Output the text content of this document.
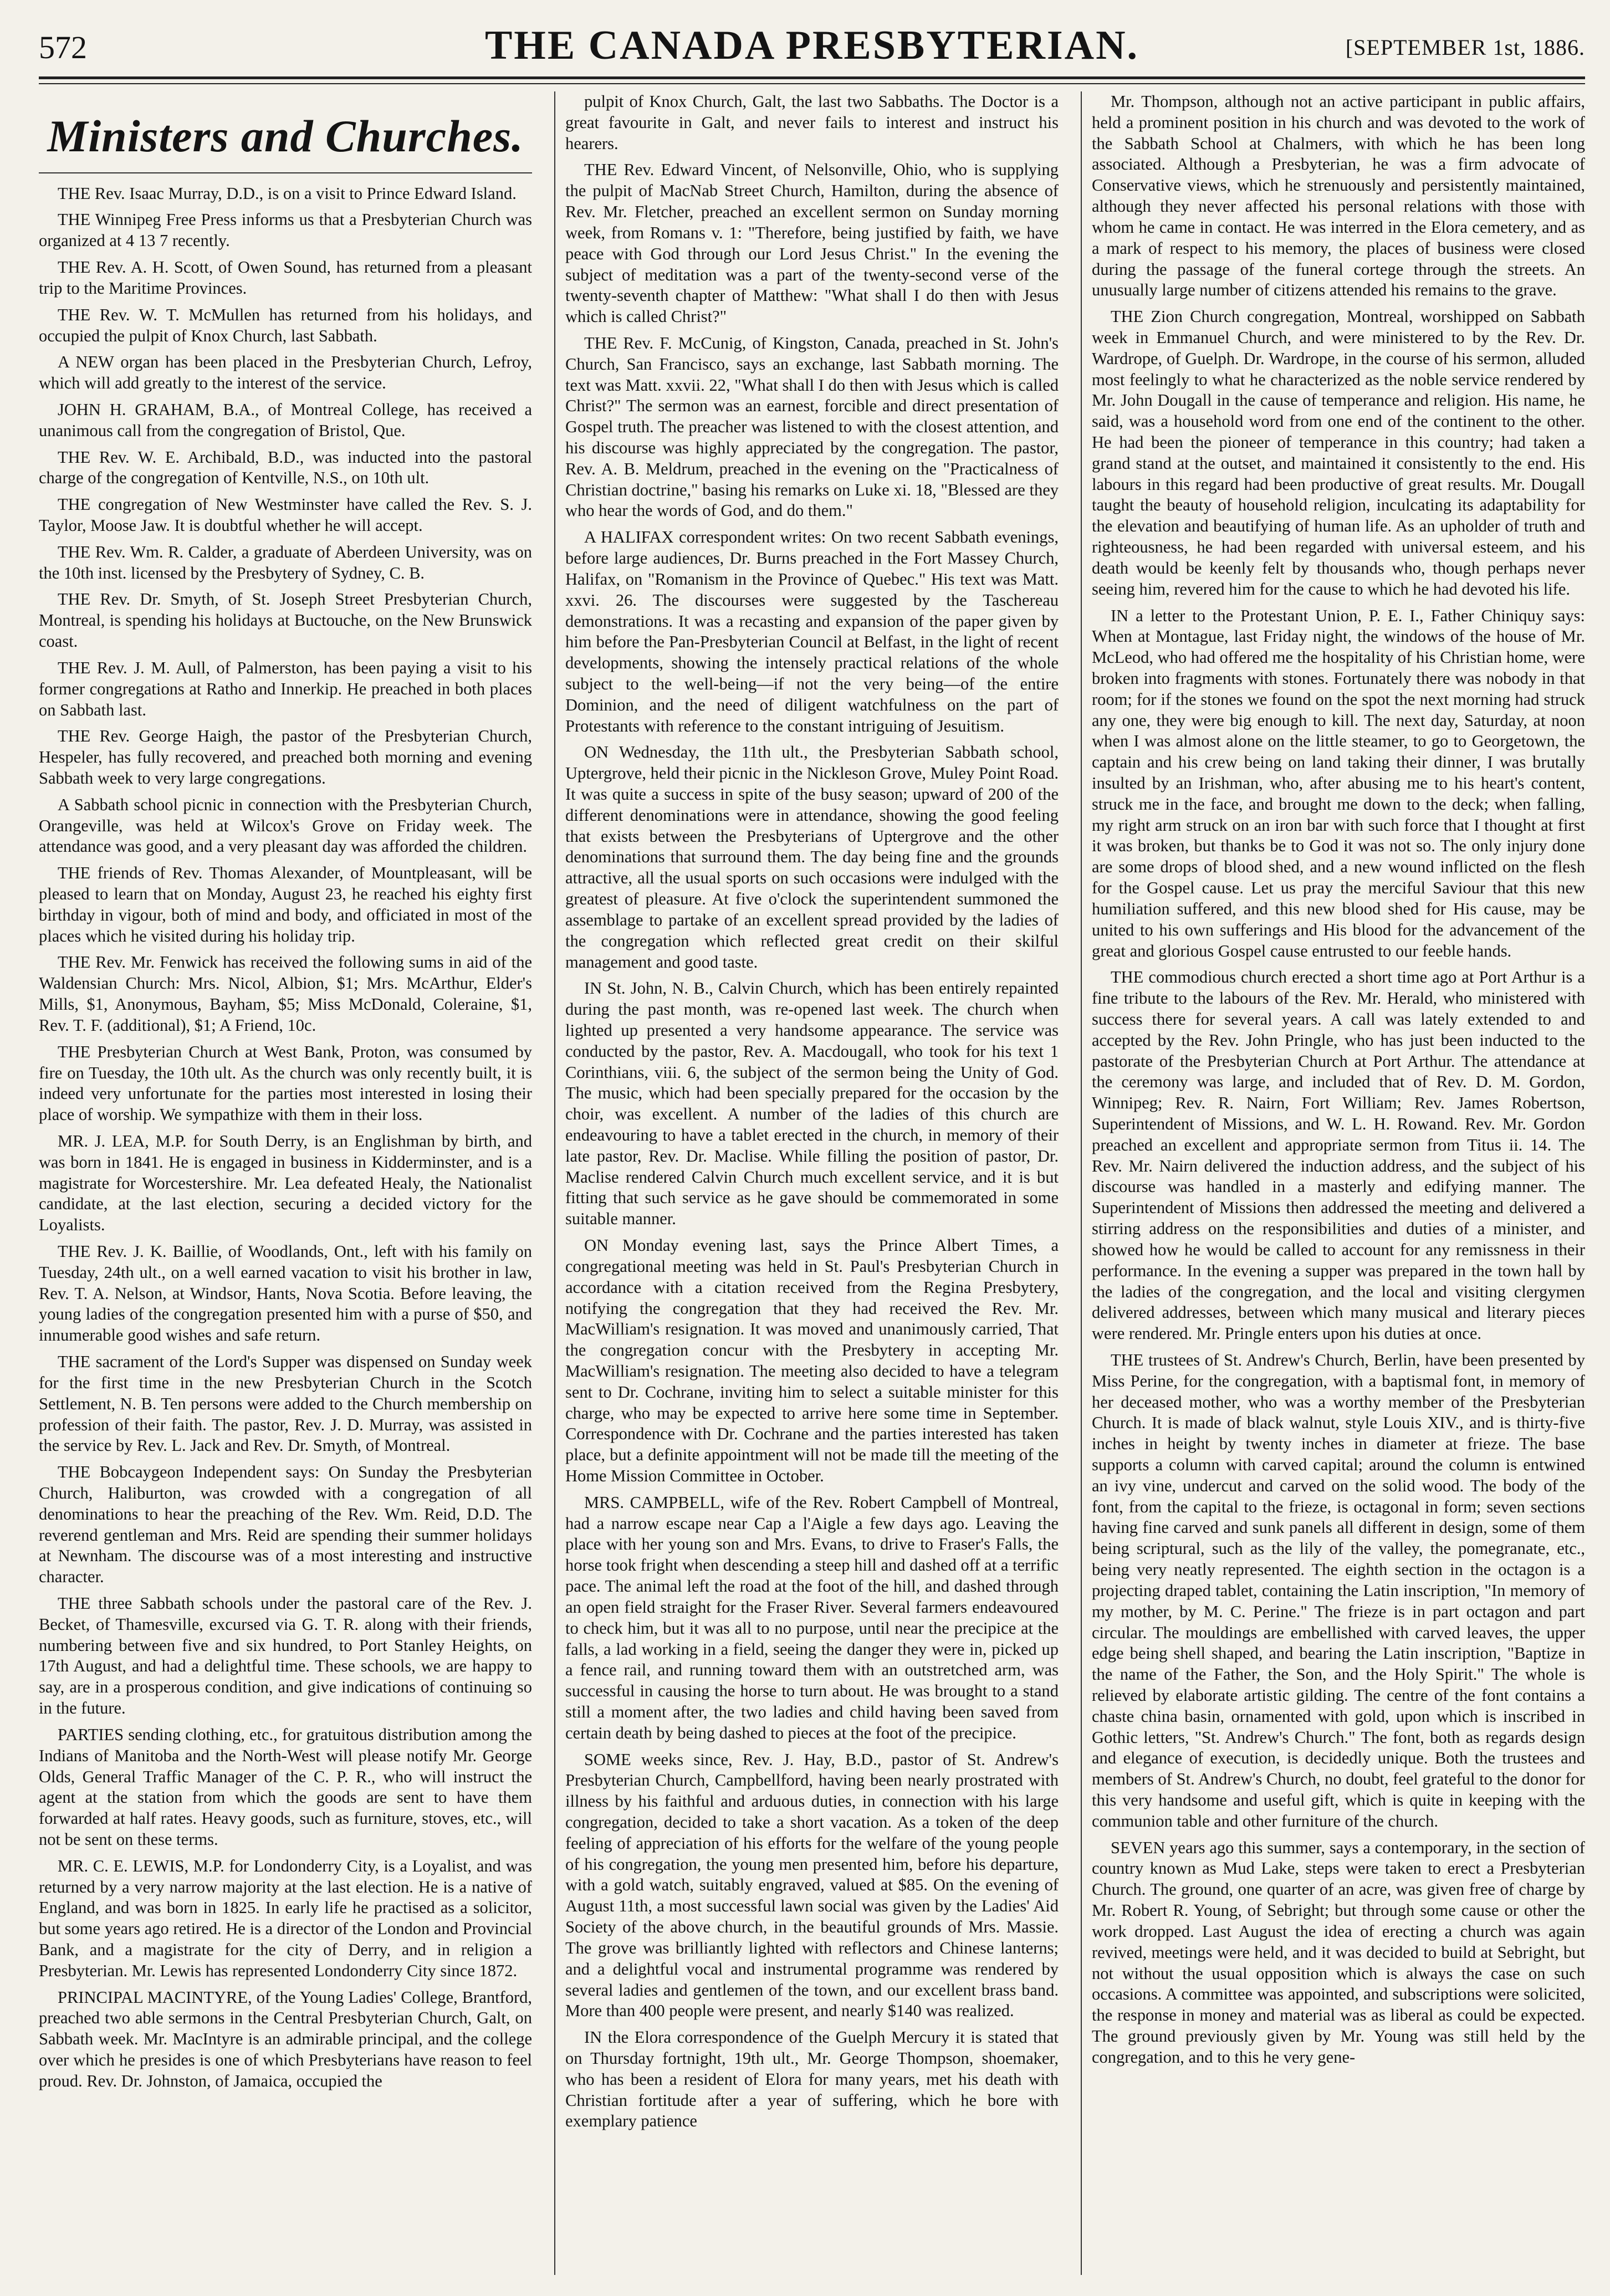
572	THE CANADA PRESBYTERIAN.	[SEPTEMBER 1st, 1886.
Ministers and Churches.

THE Rev. Isaac Murray, D.D., is on a visit to Prince Edward Island.

THE Winnipeg Free Press informs us that a Presbyterian Church was organized at 4 13 7 recently.

THE Rev. A. H. Scott, of Owen Sound, has returned from a pleasant trip to the Maritime Provinces.

THE Rev. W. T. McMullen has returned from his holidays, and occupied the pulpit of Knox Church, last Sabbath.

A NEW organ has been placed in the Presbyterian Church, Lefroy, which will add greatly to the interest of the service.

JOHN H. GRAHAM, B.A., of Montreal College, has received a unanimous call from the congregation of Bristol, Que.

THE Rev. W. E. Archibald, B.D., was inducted into the pastoral charge of the congregation of Kentville, N.S., on 10th ult.

THE congregation of New Westminster have called the Rev. S. J. Taylor, Moose Jaw. It is doubtful whether he will accept.

THE Rev. Wm. R. Calder, a graduate of Aberdeen University, was on the 10th inst. licensed by the Presbytery of Sydney, C. B.

THE Rev. Dr. Smyth, of St. Joseph Street Presbyterian Church, Montreal, is spending his holidays at Buctouche, on the New Brunswick coast.

THE Rev. J. M. Aull, of Palmerston, has been paying a visit to his former congregations at Ratho and Innerkip. He preached in both places on Sabbath last.

THE Rev. George Haigh, the pastor of the Presbyterian Church, Hespeler, has fully recovered, and preached both morning and evening Sabbath week to very large congregations.

A Sabbath school picnic in connection with the Presbyterian Church, Orangeville, was held at Wilcox's Grove on Friday week. The attendance was good, and a very pleasant day was afforded the children.

THE friends of Rev. Thomas Alexander, of Mountpleasant, will be pleased to learn that on Monday, August 23, he reached his eighty first birthday in vigour, both of mind and body, and officiated in most of the places which he visited during his holiday trip.

THE Rev. Mr. Fenwick has received the following sums in aid of the Waldensian Church: Mrs. Nicol, Albion, $1; Mrs. McArthur, Elder's Mills, $1, Anonymous, Bayham, $5; Miss McDonald, Coleraine, $1, Rev. T. F. (additional), $1; A Friend, 10c.

THE Presbyterian Church at West Bank, Proton, was consumed by fire on Tuesday, the 10th ult. As the church was only recently built, it is indeed very unfortunate for the parties most interested in losing their place of worship. We sympathize with them in their loss.

MR. J. LEA, M.P. for South Derry, is an Englishman by birth, and was born in 1841. He is engaged in business in Kidderminster, and is a magistrate for Worcestershire. Mr. Lea defeated Healy, the Nationalist candidate, at the last election, securing a decided victory for the Loyalists.

THE Rev. J. K. Baillie, of Woodlands, Ont., left with his family on Tuesday, 24th ult., on a well earned vacation to visit his brother in law, Rev. T. A. Nelson, at Windsor, Hants, Nova Scotia. Before leaving, the young ladies of the congregation presented him with a purse of $50, and innumerable good wishes and safe return.

THE sacrament of the Lord's Supper was dispensed on Sunday week for the first time in the new Presbyterian Church in the Scotch Settlement, N. B. Ten persons were added to the Church membership on profession of their faith. The pastor, Rev. J. D. Murray, was assisted in the service by Rev. L. Jack and Rev. Dr. Smyth, of Montreal.

THE Bobcaygeon Independent says: On Sunday the Presbyterian Church, Haliburton, was crowded with a congregation of all denominations to hear the preaching of the Rev. Wm. Reid, D.D. The reverend gentleman and Mrs. Reid are spending their summer holidays at Newnham. The discourse was of a most interesting and instructive character.

THE three Sabbath schools under the pastoral care of the Rev. J. Becket, of Thamesville, excursed via G. T. R. along with their friends, numbering between five and six hundred, to Port Stanley Heights, on 17th August, and had a delightful time. These schools, we are happy to say, are in a prosperous condition, and give indications of continuing so in the future.

PARTIES sending clothing, etc., for gratuitous distribution among the Indians of Manitoba and the North-West will please notify Mr. George Olds, General Traffic Manager of the C. P. R., who will instruct the agent at the station from which the goods are sent to have them forwarded at half rates. Heavy goods, such as furniture, stoves, etc., will not be sent on these terms.

MR. C. E. LEWIS, M.P. for Londonderry City, is a Loyalist, and was returned by a very narrow majority at the last election. He is a native of England, and was born in 1825. In early life he practised as a solicitor, but some years ago retired. He is a director of the London and Provincial Bank, and a magistrate for the city of Derry, and in religion a Presbyterian. Mr. Lewis has represented Londonderry City since 1872.

PRINCIPAL MACINTYRE, of the Young Ladies' College, Brantford, preached two able sermons in the Central Presbyterian Church, Galt, on Sabbath week. Mr. MacIntyre is an admirable principal, and the college over which he presides is one of which Presbyterians have reason to feel proud. Rev. Dr. Johnston, of Jamaica, occupied the

pulpit of Knox Church, Galt, the last two Sabbaths. The Doctor is a great favourite in Galt, and never fails to interest and instruct his hearers.

THE Rev. Edward Vincent, of Nelsonville, Ohio, who is supplying the pulpit of MacNab Street Church, Hamilton, during the absence of Rev. Mr. Fletcher, preached an excellent sermon on Sunday morning week, from Romans v. 1: "Therefore, being justified by faith, we have peace with God through our Lord Jesus Christ." In the evening the subject of meditation was a part of the twenty-second verse of the twenty-seventh chapter of Matthew: "What shall I do then with Jesus which is called Christ?"

THE Rev. F. McCunig, of Kingston, Canada, preached in St. John's Church, San Francisco, says an exchange, last Sabbath morning. The text was Matt. xxvii. 22, "What shall I do then with Jesus which is called Christ?" The sermon was an earnest, forcible and direct presentation of Gospel truth. The preacher was listened to with the closest attention, and his discourse was highly appreciated by the congregation. The pastor, Rev. A. B. Meldrum, preached in the evening on the "Practicalness of Christian doctrine," basing his remarks on Luke xi. 18, "Blessed are they who hear the words of God, and do them."

A HALIFAX correspondent writes: On two recent Sabbath evenings, before large audiences, Dr. Burns preached in the Fort Massey Church, Halifax, on "Romanism in the Province of Quebec." His text was Matt. xxvi. 26. The discourses were suggested by the Taschereau demonstrations. It was a recasting and expansion of the paper given by him before the Pan-Presbyterian Council at Belfast, in the light of recent developments, showing the intensely practical relations of the whole subject to the well-being—if not the very being—of the entire Dominion, and the need of diligent watchfulness on the part of Protestants with reference to the constant intriguing of Jesuitism.

ON Wednesday, the 11th ult., the Presbyterian Sabbath school, Uptergrove, held their picnic in the Nickleson Grove, Muley Point Road. It was quite a success in spite of the busy season; upward of 200 of the different denominations were in attendance, showing the good feeling that exists between the Presbyterians of Uptergrove and the other denominations that surround them. The day being fine and the grounds attractive, all the usual sports on such occasions were indulged with the greatest of pleasure. At five o'clock the superintendent summoned the assemblage to partake of an excellent spread provided by the ladies of the congregation which reflected great credit on their skilful management and good taste.

IN St. John, N. B., Calvin Church, which has been entirely repainted during the past month, was re-opened last week. The church when lighted up presented a very handsome appearance. The service was conducted by the pastor, Rev. A. Macdougall, who took for his text 1 Corinthians, viii. 6, the subject of the sermon being the Unity of God. The music, which had been specially prepared for the occasion by the choir, was excellent. A number of the ladies of this church are endeavouring to have a tablet erected in the church, in memory of their late pastor, Rev. Dr. Maclise. While filling the position of pastor, Dr. Maclise rendered Calvin Church much excellent service, and it is but fitting that such service as he gave should be commemorated in some suitable manner.

ON Monday evening last, says the Prince Albert Times, a congregational meeting was held in St. Paul's Presbyterian Church in accordance with a citation received from the Regina Presbytery, notifying the congregation that they had received the Rev. Mr. MacWilliam's resignation. It was moved and unanimously carried, That the congregation concur with the Presbytery in accepting Mr. MacWilliam's resignation. The meeting also decided to have a telegram sent to Dr. Cochrane, inviting him to select a suitable minister for this charge, who may be expected to arrive here some time in September. Correspondence with Dr. Cochrane and the parties interested has taken place, but a definite appointment will not be made till the meeting of the Home Mission Committee in October.

MRS. CAMPBELL, wife of the Rev. Robert Campbell of Montreal, had a narrow escape near Cap a l'Aigle a few days ago. Leaving the place with her young son and Mrs. Evans, to drive to Fraser's Falls, the horse took fright when descending a steep hill and dashed off at a terrific pace. The animal left the road at the foot of the hill, and dashed through an open field straight for the Fraser River. Several farmers endeavoured to check him, but it was all to no purpose, until near the precipice at the falls, a lad working in a field, seeing the danger they were in, picked up a fence rail, and running toward them with an outstretched arm, was successful in causing the horse to turn about. He was brought to a stand still a moment after, the two ladies and child having been saved from certain death by being dashed to pieces at the foot of the precipice.

SOME weeks since, Rev. J. Hay, B.D., pastor of St. Andrew's Presbyterian Church, Campbellford, having been nearly prostrated with illness by his faithful and arduous duties, in connection with his large congregation, decided to take a short vacation. As a token of the deep feeling of appreciation of his efforts for the welfare of the young people of his congregation, the young men presented him, before his departure, with a gold watch, suitably engraved, valued at $85. On the evening of August 11th, a most successful lawn social was given by the Ladies' Aid Society of the above church, in the beautiful grounds of Mrs. Massie. The grove was brilliantly lighted with reflectors and Chinese lanterns; and a delightful vocal and instrumental programme was rendered by several ladies and gentlemen of the town, and our excellent brass band. More than 400 people were present, and nearly $140 was realized.

IN the Elora correspondence of the Guelph Mercury it is stated that on Thursday fortnight, 19th ult., Mr. George Thompson, shoemaker, who has been a resident of Elora for many years, met his death with Christian fortitude after a year of suffering, which he bore with exemplary patience

Mr. Thompson, although not an active participant in public affairs, held a prominent position in his church and was devoted to the work of the Sabbath School at Chalmers, with which he has been long associated. Although a Presbyterian, he was a firm advocate of Conservative views, which he strenuously and persistently maintained, although they never affected his personal relations with those with whom he came in contact. He was interred in the Elora cemetery, and as a mark of respect to his memory, the places of business were closed during the passage of the funeral cortege through the streets. An unusually large number of citizens attended his remains to the grave.

THE Zion Church congregation, Montreal, worshipped on Sabbath week in Emmanuel Church, and were ministered to by the Rev. Dr. Wardrope, of Guelph. Dr. Wardrope, in the course of his sermon, alluded most feelingly to what he characterized as the noble service rendered by Mr. John Dougall in the cause of temperance and religion. His name, he said, was a household word from one end of the continent to the other. He had been the pioneer of temperance in this country; had taken a grand stand at the outset, and maintained it consistently to the end. His labours in this regard had been productive of great results. Mr. Dougall taught the beauty of household religion, inculcating its adaptability for the elevation and beautifying of human life. As an upholder of truth and righteousness, he had been regarded with universal esteem, and his death would be keenly felt by thousands who, though perhaps never seeing him, revered him for the cause to which he had devoted his life.

IN a letter to the Protestant Union, P. E. I., Father Chiniquy says: When at Montague, last Friday night, the windows of the house of Mr. McLeod, who had offered me the hospitality of his Christian home, were broken into fragments with stones. Fortunately there was nobody in that room; for if the stones we found on the spot the next morning had struck any one, they were big enough to kill. The next day, Saturday, at noon when I was almost alone on the little steamer, to go to Georgetown, the captain and his crew being on land taking their dinner, I was brutally insulted by an Irishman, who, after abusing me to his heart's content, struck me in the face, and brought me down to the deck; when falling, my right arm struck on an iron bar with such force that I thought at first it was broken, but thanks be to God it was not so. The only injury done are some drops of blood shed, and a new wound inflicted on the flesh for the Gospel cause. Let us pray the merciful Saviour that this new humiliation suffered, and this new blood shed for His cause, may be united to his own sufferings and His blood for the advancement of the great and glorious Gospel cause entrusted to our feeble hands.

THE commodious church erected a short time ago at Port Arthur is a fine tribute to the labours of the Rev. Mr. Herald, who ministered with success there for several years. A call was lately extended to and accepted by the Rev. John Pringle, who has just been inducted to the pastorate of the Presbyterian Church at Port Arthur. The attendance at the ceremony was large, and included that of Rev. D. M. Gordon, Winnipeg; Rev. R. Nairn, Fort William; Rev. James Robertson, Superintendent of Missions, and W. L. H. Rowand. Rev. Mr. Gordon preached an excellent and appropriate sermon from Titus ii. 14. The Rev. Mr. Nairn delivered the induction address, and the subject of his discourse was handled in a masterly and edifying manner. The Superintendent of Missions then addressed the meeting and delivered a stirring address on the responsibilities and duties of a minister, and showed how he would be called to account for any remissness in their performance. In the evening a supper was prepared in the town hall by the ladies of the congregation, and the local and visiting clergymen delivered addresses, between which many musical and literary pieces were rendered. Mr. Pringle enters upon his duties at once.

THE trustees of St. Andrew's Church, Berlin, have been presented by Miss Perine, for the congregation, with a baptismal font, in memory of her deceased mother, who was a worthy member of the Presbyterian Church. It is made of black walnut, style Louis XIV., and is thirty-five inches in height by twenty inches in diameter at frieze. The base supports a column with carved capital; around the column is entwined an ivy vine, undercut and carved on the solid wood. The body of the font, from the capital to the frieze, is octagonal in form; seven sections having fine carved and sunk panels all different in design, some of them being scriptural, such as the lily of the valley, the pomegranate, etc., being very neatly represented. The eighth section in the octagon is a projecting draped tablet, containing the Latin inscription, "In memory of my mother, by M. C. Perine." The frieze is in part octagon and part circular. The mouldings are embellished with carved leaves, the upper edge being shell shaped, and bearing the Latin inscription, "Baptize in the name of the Father, the Son, and the Holy Spirit." The whole is relieved by elaborate artistic gilding. The centre of the font contains a chaste china basin, ornamented with gold, upon which is inscribed in Gothic letters, "St. Andrew's Church." The font, both as regards design and elegance of execution, is decidedly unique. Both the trustees and members of St. Andrew's Church, no doubt, feel grateful to the donor for this very handsome and useful gift, which is quite in keeping with the communion table and other furniture of the church.

SEVEN years ago this summer, says a contemporary, in the section of country known as Mud Lake, steps were taken to erect a Presbyterian Church. The ground, one quarter of an acre, was given free of charge by Mr. Robert R. Young, of Sebright; but through some cause or other the work dropped. Last August the idea of erecting a church was again revived, meetings were held, and it was decided to build at Sebright, but not without the usual opposition which is always the case on such occasions. A committee was appointed, and subscriptions were solicited, the response in money and material was as liberal as could be expected. The ground previously given by Mr. Young was still held by the congregation, and to this he very gene-
